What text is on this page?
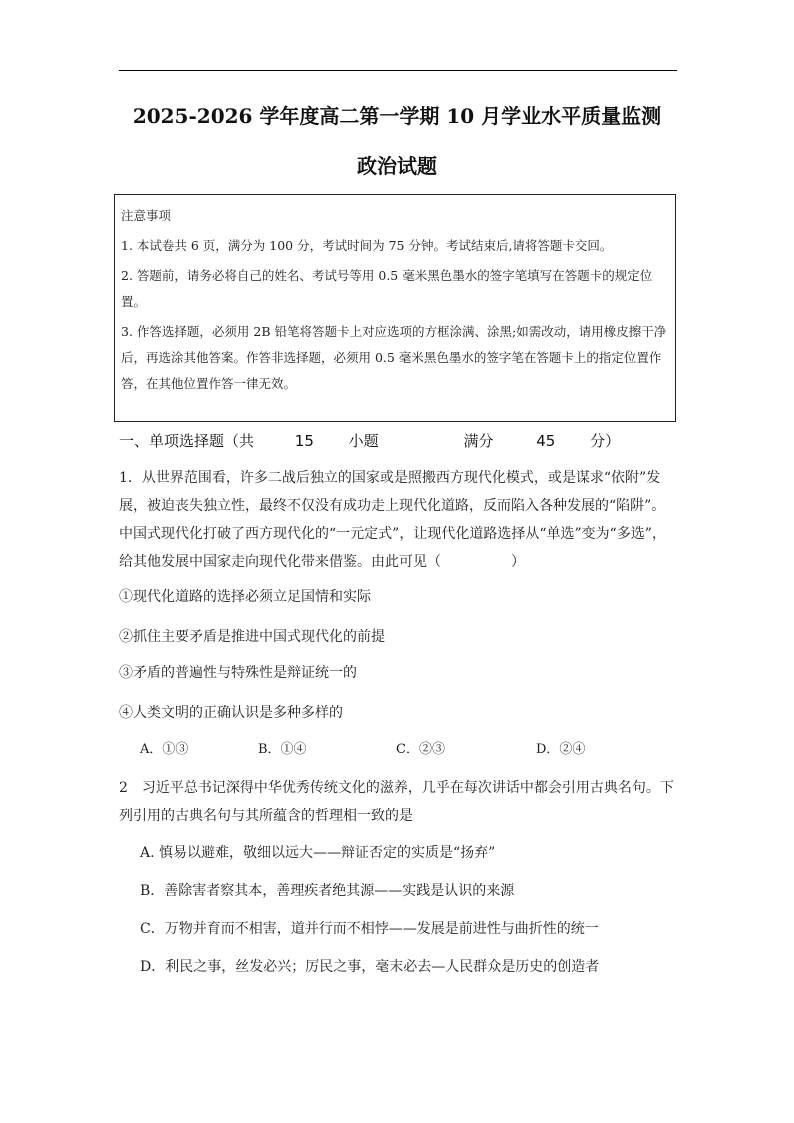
2025-2026 学年度高二第一学期 10 月学业水平质量监测
政治试题

注意事项

1. 本试卷共 6 页，满分为 100 分，考试时间为 75 分钟。考试结束后,请将答题卡交回。

2. 答题前，请务必将自己的姓名、考试号等用 0.5 毫米黑色墨水的签字笔填写在答题卡的规定位置。

3. 作答选择题，必须用 2B 铅笔将答题卡上对应选项的方框涂满、涂黑;如需改动，请用橡皮擦干净后，再选涂其他答案。作答非选择题，必须用 0.5 毫米黑色墨水的签字笔在答题卡上的指定位置作答，在其他位置作答一律无效。

一、单项选择题（共	15 小题	满分	45 分）
1．从世界范围看，许多二战后独立的国家或是照搬西方现代化模式，或是谋求“依附”发展，被迫丧失独立性，最终不仅没有成功走上现代化道路，反而陷入各种发展的“陷阱”。中国式现代化打破了西方现代化的“一元定式”，让现代化道路选择从“单选”变为“多选”，给其他发展中国家走向现代化带来借鉴。由此可见（	）
①现代化道路的选择必须立足国情和实际
②抓住主要矛盾是推进中国式现代化的前提
③矛盾的普遍性与特殊性是辩证统一的
④人类文明的正确认识是多种多样的
A．①③	B．①④	C．②③	D．②④
2　习近平总书记深得中华优秀传统文化的滋养，几乎在每次讲话中都会引用古典名句。下列引用的古典名句与其所蕴含的哲理相一致的是
A. 慎易以避难，敬细以远大——辩证否定的实质是“扬弃”
B．善除害者察其本，善理疾者绝其源——实践是认识的来源
C．万物并育而不相害，道并行而不相悖——发展是前进性与曲折性的统一
D．利民之事，丝发必兴；厉民之事，毫末必去—人民群众是历史的创造者
